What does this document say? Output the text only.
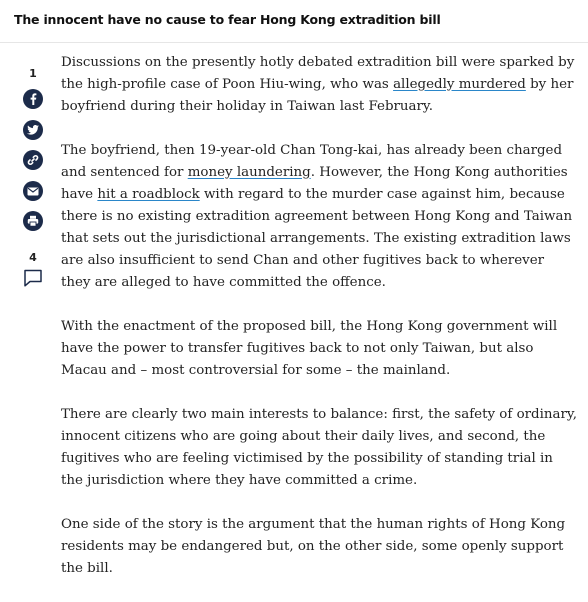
The innocent have no cause to fear Hong Kong extradition bill
1
4

Discussions on the presently hotly debated extradition bill were sparked by the high-profile case of Poon Hiu-wing, who was allegedly murdered by her boyfriend during their holiday in Taiwan last February.

The boyfriend, then 19-year-old Chan Tong-kai, has already been charged and sentenced for money laundering. However, the Hong Kong authorities have hit a roadblock with regard to the murder case against him, because there is no existing extradition agreement between Hong Kong and Taiwan that sets out the jurisdictional arrangements. The existing extradition laws are also insufficient to send Chan and other fugitives back to wherever they are alleged to have committed the offence.

With the enactment of the proposed bill, the Hong Kong government will have the power to transfer fugitives back to not only Taiwan, but also Macau and – most controversial for some – the mainland.

There are clearly two main interests to balance: first, the safety of ordinary, innocent citizens who are going about their daily lives, and second, the fugitives who are feeling victimised by the possibility of standing trial in the jurisdiction where they have committed a crime.

One side of the story is the argument that the human rights of Hong Kong residents may be endangered but, on the other side, some openly support the bill.
